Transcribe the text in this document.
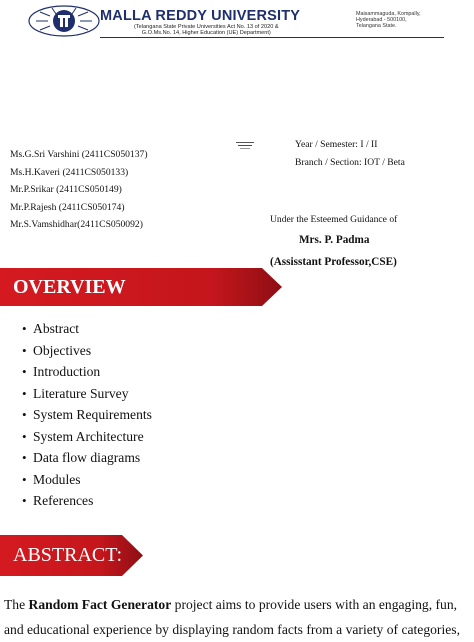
MALLA REDDY UNIVERSITY
(Telangana State Private Universities Act No. 13 of 2020 &
G.O.Ms.No. 14, Higher Education (UE) Department)
Maisammaguda, Kompally,
Hyderabad - 500100,
Telangana State.
Ms.G.Sri Varshini (2411CS050137)
Ms.H.Kaveri (2411CS050133)
Mr.P.Srikar (2411CS050149)
Mr.P.Rajesh (2411CS050174)
Mr.S.Vamshidhar(2411CS050092)
Year / Semester: I / II
Branch / Section: IOT / Beta
Under the Esteemed Guidance of
Mrs. P. Padma
(Assisstant Professor,CSE)
OVERVIEW
• Abstract
• Objectives
• Introduction
• Literature Survey
• System Requirements
• System Architecture
• Data flow diagrams
• Modules
• References
ABSTRACT:
The Random Fact Generator project aims to provide users with an engaging, fun,
and educational experience by displaying random facts from a variety of categories,
